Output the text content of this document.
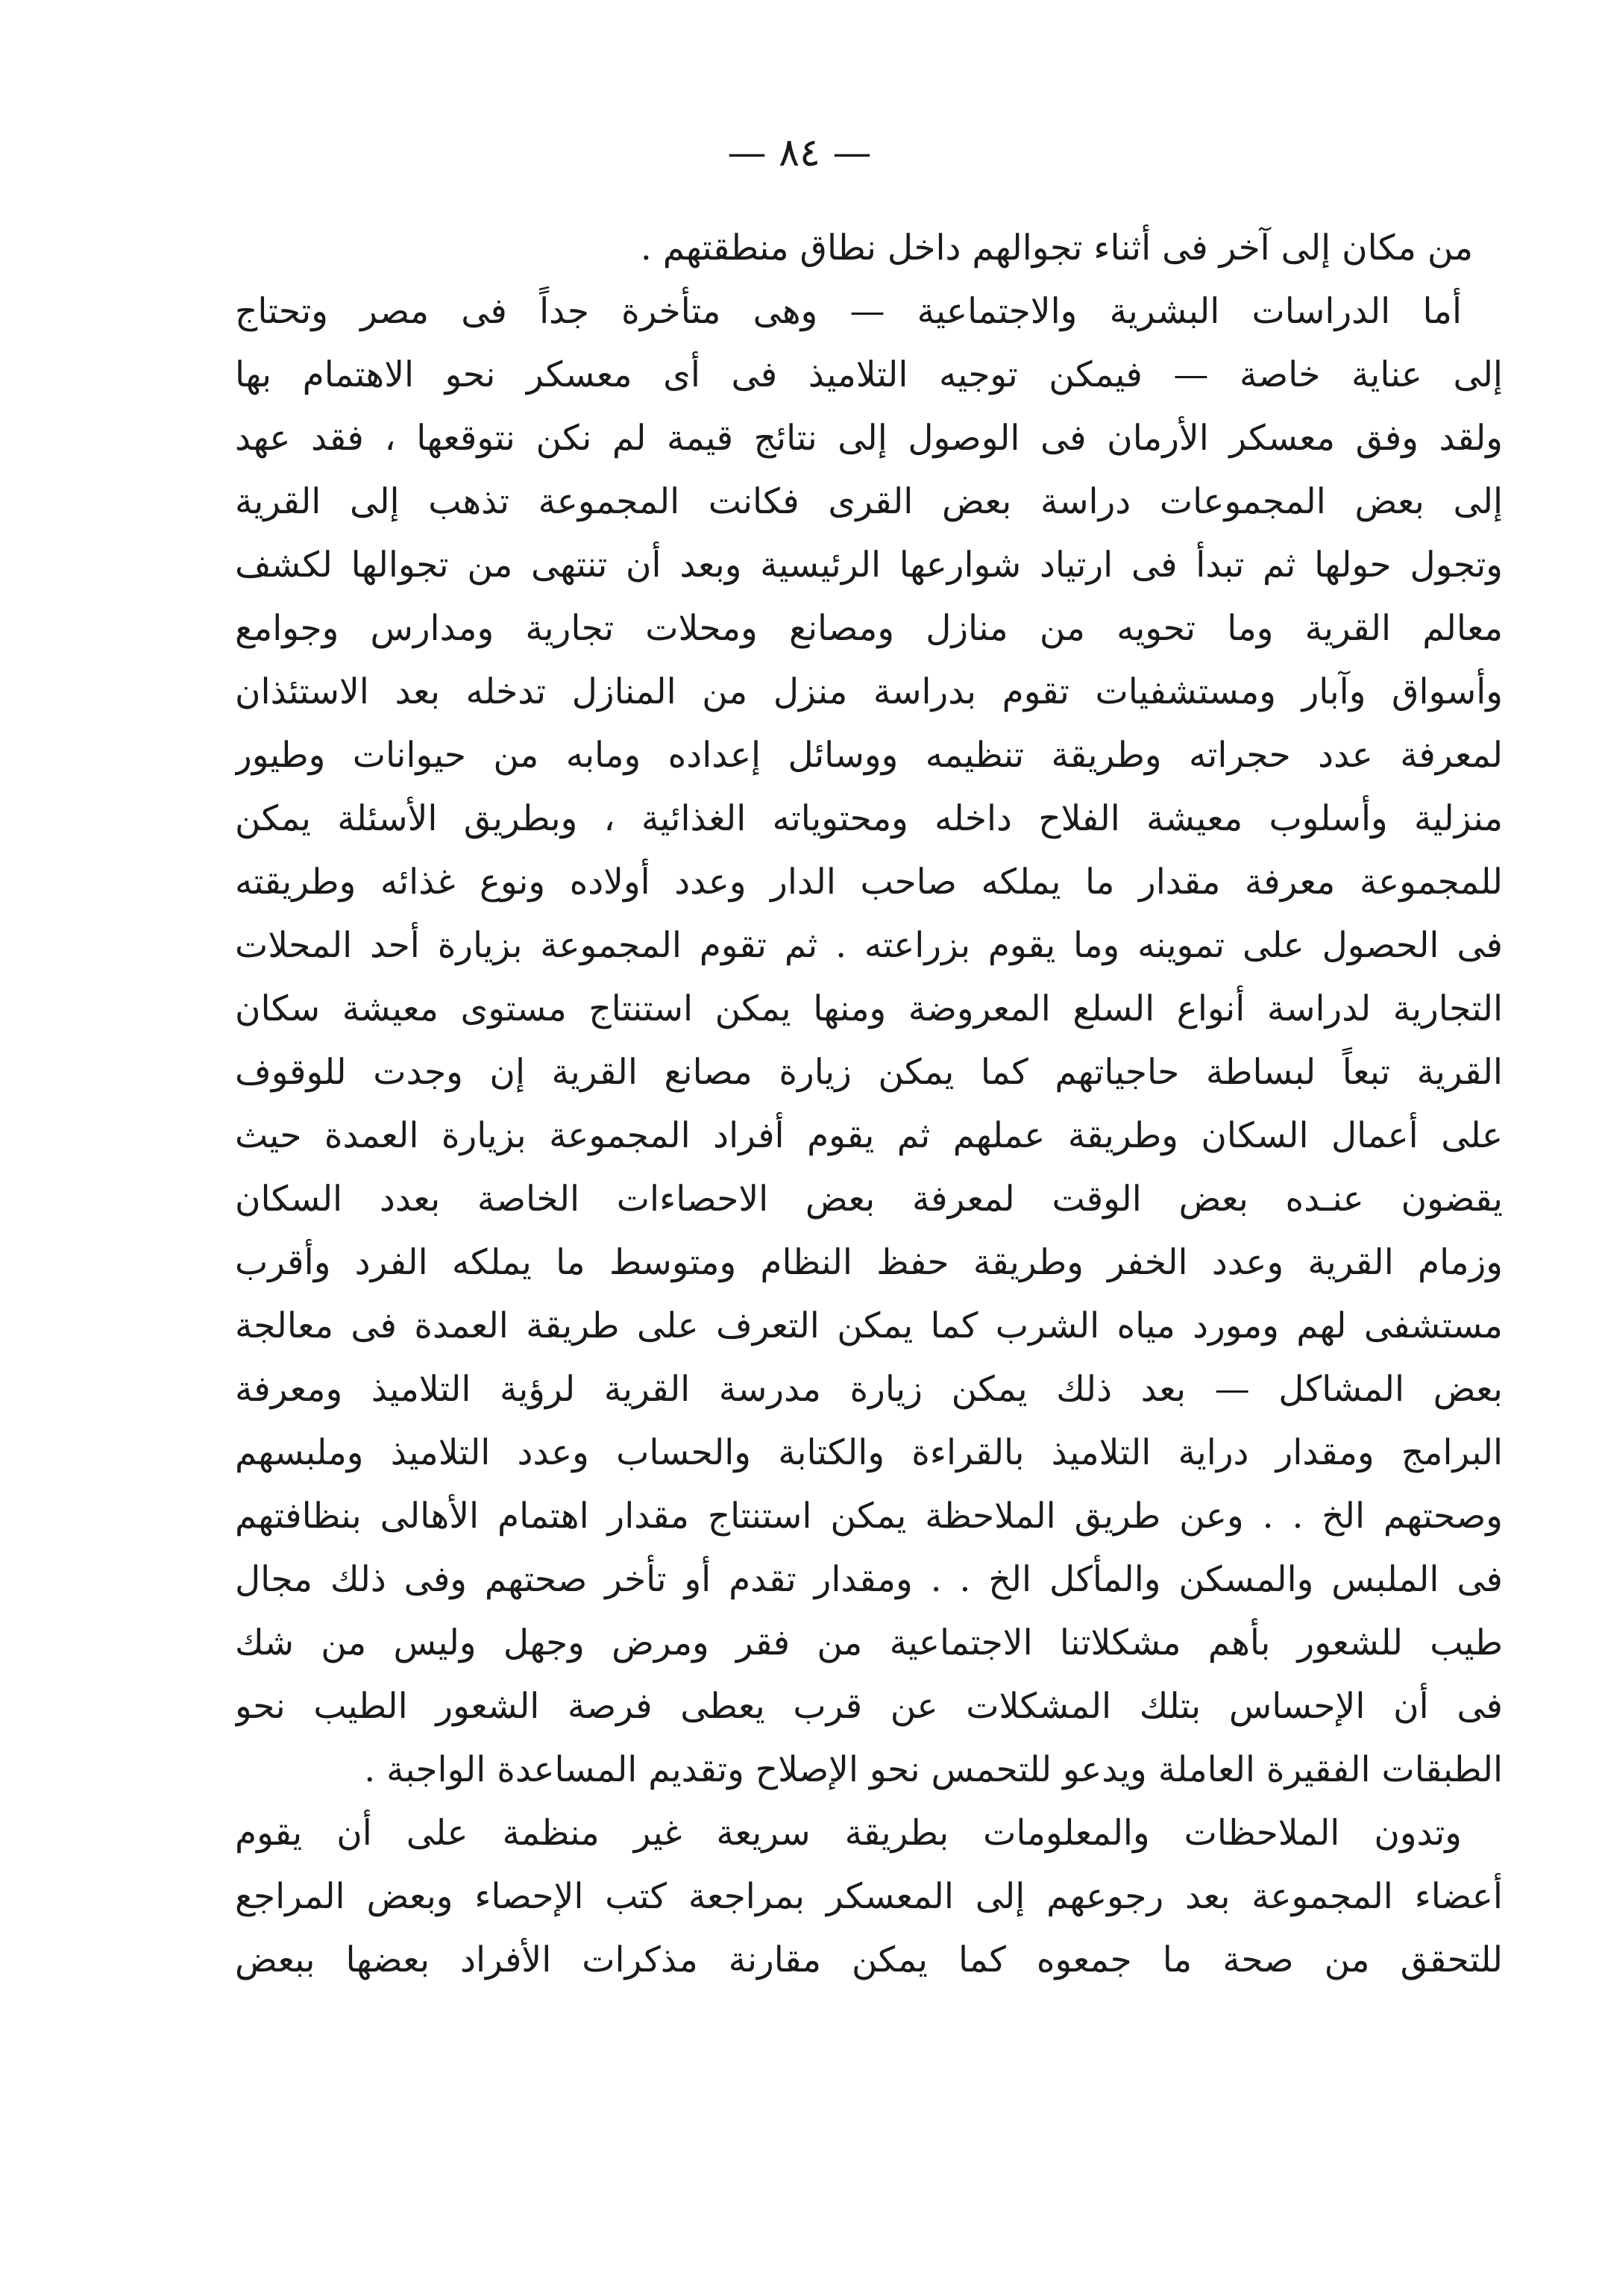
— ٨٤ —
من مكان إلى آخر فى أثناء تجوالهم داخل نطاق منطقتهم .
أما الدراسات البشرية والاجتماعية — وهى متأخرة جداً فى مصر وتحتاج
إلى عناية خاصة — فيمكن توجيه التلاميذ فى أى معسكر نحو الاهتمام بها
ولقد وفق معسكر الأرمان فى الوصول إلى نتائج قيمة لم نكن نتوقعها ، فقد عهد
إلى بعض المجموعات دراسة بعض القرى فكانت المجموعة تذهب إلى القرية
وتجول حولها ثم تبدأ فى ارتياد شوارعها الرئيسية وبعد أن تنتهى من تجوالها لكشف
معالم القرية وما تحويه من منازل ومصانع ومحلات تجارية ومدارس وجوامع
وأسواق وآبار ومستشفيات تقوم بدراسة منزل من المنازل تدخله بعد الاستئذان
لمعرفة عدد حجراته وطريقة تنظيمه ووسائل إعداده ومابه من حيوانات وطيور
منزلية وأسلوب معيشة الفلاح داخله ومحتوياته الغذائية ، وبطريق الأسئلة يمكن
للمجموعة معرفة مقدار ما يملكه صاحب الدار وعدد أولاده ونوع غذائه وطريقته
فى الحصول على تموينه وما يقوم بزراعته . ثم تقوم المجموعة بزيارة أحد المحلات
التجارية لدراسة أنواع السلع المعروضة ومنها يمكن استنتاج مستوى معيشة سكان
القرية تبعاً لبساطة حاجياتهم كما يمكن زيارة مصانع القرية إن وجدت للوقوف
على أعمال السكان وطريقة عملهم ثم يقوم أفراد المجموعة بزيارة العمدة حيث
يقضون عنـده بعض الوقت لمعرفة بعض الاحصاءات الخاصة بعدد السكان
وزمام القرية وعدد الخفر وطريقة حفظ النظام ومتوسط ما يملكه الفرد وأقرب
مستشفى لهم ومورد مياه الشرب كما يمكن التعرف على طريقة العمدة فى معالجة
بعض المشاكل — بعد ذلك يمكن زيارة مدرسة القرية لرؤية التلاميذ ومعرفة
البرامج ومقدار دراية التلاميذ بالقراءة والكتابة والحساب وعدد التلاميذ وملبسهم
وصحتهم الخ . . وعن طريق الملاحظة يمكن استنتاج مقدار اهتمام الأهالى بنظافتهم
فى الملبس والمسكن والمأكل الخ . . ومقدار تقدم أو تأخر صحتهم وفى ذلك مجال
طيب للشعور بأهم مشكلاتنا الاجتماعية من فقر ومرض وجهل وليس من شك
فى أن الإحساس بتلك المشكلات عن قرب يعطى فرصة الشعور الطيب نحو
الطبقات الفقيرة العاملة ويدعو للتحمس نحو الإصلاح وتقديم المساعدة الواجبة .
وتدون الملاحظات والمعلومات بطريقة سريعة غير منظمة على أن يقوم
أعضاء المجموعة بعد رجوعهم إلى المعسكر بمراجعة كتب الإحصاء وبعض المراجع
للتحقق من صحة ما جمعوه كما يمكن مقارنة مذكرات الأفراد بعضها ببعض
